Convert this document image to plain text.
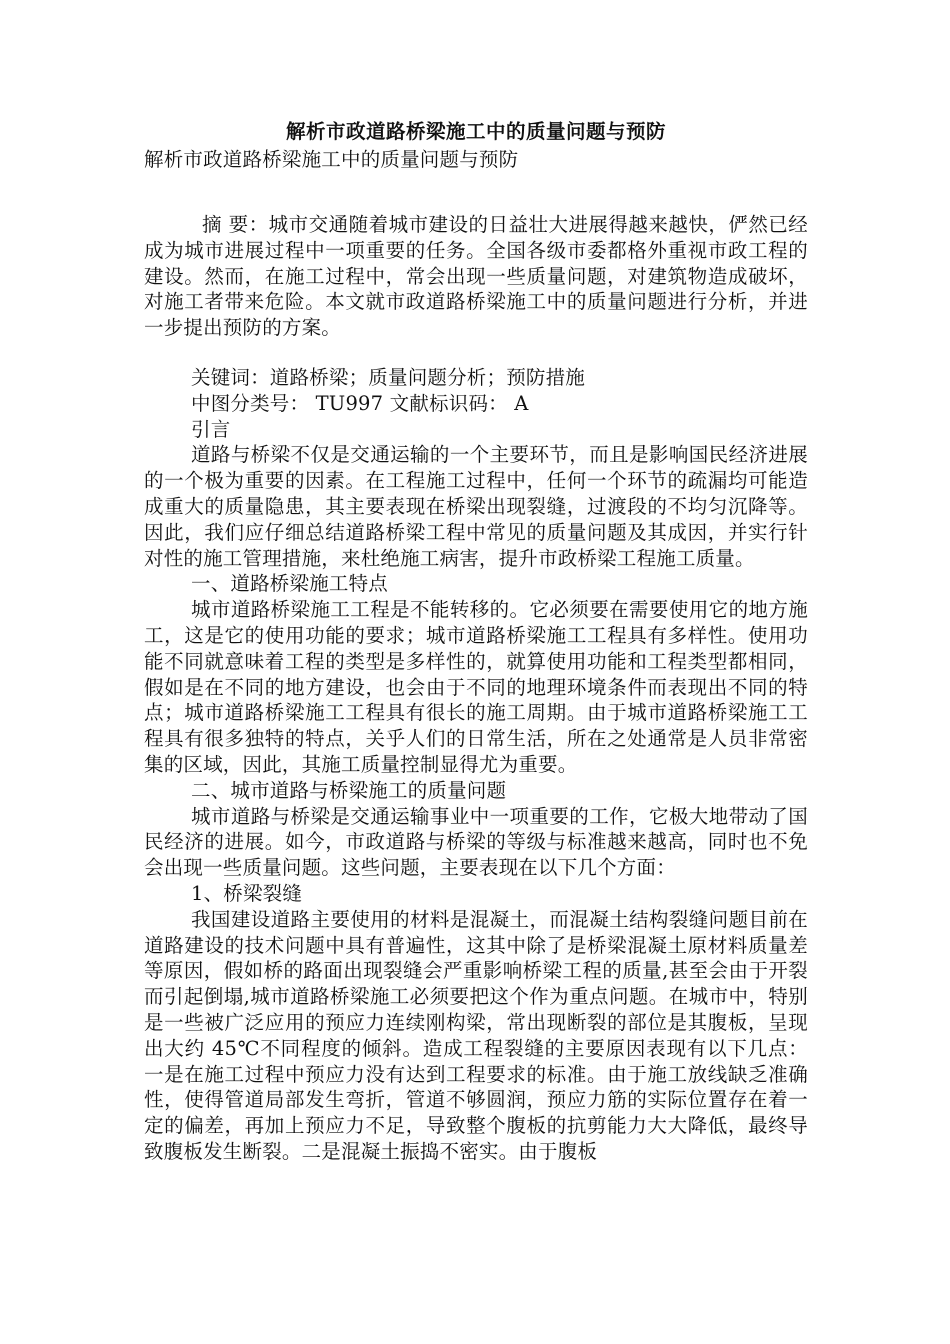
解析市政道路桥梁施工中的质量问题与预防

解析市政道路桥梁施工中的质量问题与预防

摘 要：城市交通随着城市建设的日益壮大进展得越来越快，俨然已经成为城市进展过程中一项重要的任务。全国各级市委都格外重视市政工程的建设。然而，在施工过程中，常会出现一些质量问题，对建筑物造成破坏，对施工者带来危险。本文就市政道路桥梁施工中的质量问题进行分析，并进一步提出预防的方案。

关键词：道路桥梁；质量问题分析；预防措施

中图分类号： TU997 文献标识码： A

引言

道路与桥梁不仅是交通运输的一个主要环节，而且是影响国民经济进展的一个极为重要的因素。在工程施工过程中，任何一个环节的疏漏均可能造成重大的质量隐患，其主要表现在桥梁出现裂缝，过渡段的不均匀沉降等。因此，我们应仔细总结道路桥梁工程中常见的质量问题及其成因，并实行针对性的施工管理措施，来杜绝施工病害，提升市政桥梁工程施工质量。

一、道路桥梁施工特点

城市道路桥梁施工工程是不能转移的。它必须要在需要使用它的地方施工，这是它的使用功能的要求；城市道路桥梁施工工程具有多样性。使用功能不同就意味着工程的类型是多样性的，就算使用功能和工程类型都相同，假如是在不同的地方建设，也会由于不同的地理环境条件而表现出不同的特点；城市道路桥梁施工工程具有很长的施工周期。由于城市道路桥梁施工工程具有很多独特的特点，关乎人们的日常生活，所在之处通常是人员非常密集的区域，因此，其施工质量控制显得尤为重要。

二、城市道路与桥梁施工的质量问题

城市道路与桥梁是交通运输事业中一项重要的工作，它极大地带动了国民经济的进展。如今，市政道路与桥梁的等级与标准越来越高，同时也不免会出现一些质量问题。这些问题，主要表现在以下几个方面：

1、桥梁裂缝

我国建设道路主要使用的材料是混凝土，而混凝土结构裂缝问题目前在道路建设的技术问题中具有普遍性，这其中除了是桥梁混凝土原材料质量差等原因，假如桥的路面出现裂缝会严重影响桥梁工程的质量,甚至会由于开裂而引起倒塌,城市道路桥梁施工必须要把这个作为重点问题。在城市中，特别是一些被广泛应用的预应力连续刚构梁，常出现断裂的部位是其腹板，呈现出大约 45℃不同程度的倾斜。造成工程裂缝的主要原因表现有以下几点：一是在施工过程中预应力没有达到工程要求的标准。由于施工放线缺乏准确性，使得管道局部发生弯折，管道不够圆润，预应力筋的实际位置存在着一定的偏差，再加上预应力不足，导致整个腹板的抗剪能力大大降低，最终导致腹板发生断裂。二是混凝土振捣不密实。由于腹板
